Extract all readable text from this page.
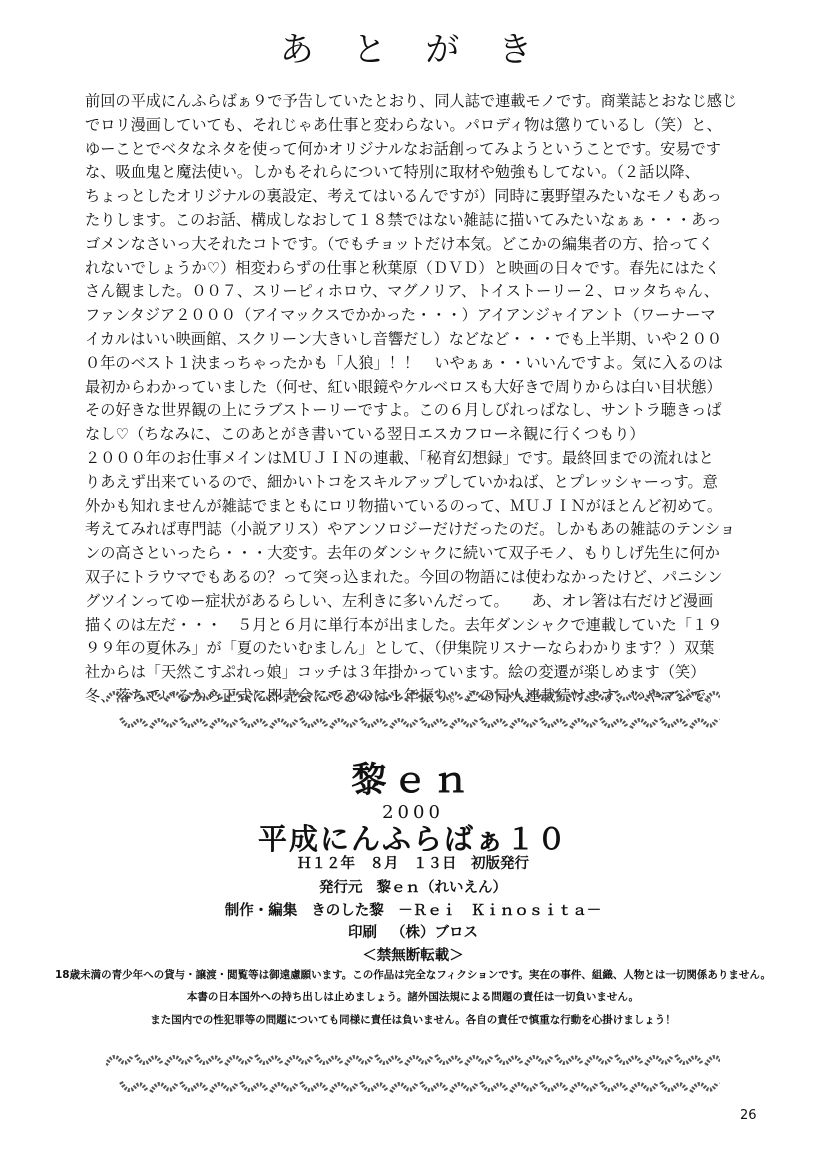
あ と が き
前回の平成にんふらばぁ９で予告していたとおり、同人誌で連載モノです。商業誌とおなじ感じ
でロリ漫画していても、それじゃあ仕事と変わらない。パロディ物は懲りているし（笑）と、
ゆーことでベタなネタを使って何かオリジナルなお話創ってみようということです。安易です
な、吸血鬼と魔法使い。しかもそれらについて特別に取材や勉強もしてない。（２話以降、
ちょっとしたオリジナルの裏設定、考えてはいるんですが）同時に裏野望みたいなモノもあっ
たりします。このお話、構成しなおして１８禁ではない雑誌に描いてみたいなぁぁ・・・あっ
ゴメンなさいっ大それたコトです。（でもチョットだけ本気。どこかの編集者の方、拾ってく
れないでしょうか♡）相変わらずの仕事と秋葉原（ＤＶＤ）と映画の日々です。春先にはたく
さん観ました。００７、スリーピィホロウ、マグノリア、トイストーリー２、ロッタちゃん、
ファンタジア２０００（アイマックスでかかった・・・）アイアンジャイアント（ワーナーマ
イカルはいい映画館、スクリーン大きいし音響だし）などなど・・・でも上半期、いや２００
０年のベスト１決まっちゃったかも「人狼」！！　いやぁぁ・・いいんですよ。気に入るのは
最初からわかっていました（何せ、紅い眼鏡やケルベロスも大好きで周りからは白い目状態）
その好きな世界観の上にラブストーリーですよ。この６月しびれっぱなし、サントラ聴きっぱ
なし♡（ちなみに、このあとがき書いている翌日エスカフローネ観に行くつもり）
２０００年のお仕事メインはＭＵＪＩＮの連載、「秘育幻想録」です。最終回までの流れはと
りあえず出来ているので、細かいトコをスキルアップしていかねば、とプレッシャーっす。意
外かも知れませんが雑誌でまともにロリ物描いているのって、ＭＵＪＩＮがほとんど初めて。
考えてみれば専門誌（小説アリス）やアンソロジーだけだったのだ。しかもあの雑誌のテンショ
ンの高さといったら・・・大変す。去年のダンシャクに続いて双子モノ、もりしげ先生に何か
双子にトラウマでもあるの？って突っ込まれた。今回の物語には使わなかったけど、パニシン
グツインってゆー症状があるらしい、左利きに多いんだって。　　あ、オレ箸は右だけど漫画
描くのは左だ・・・　５月と６月に単行本が出ました。去年ダンシャクで連載していた「１９
９９年の夏休み」が「夏のたいむましん」として、（伊集院リスナーならわかります？）双葉
社からは「天然こすぷれっ娘」コッチは３年掛かっています。絵の変遷が楽しめます（笑）
冬、落ちているから正式に即売会にでるのは１年振り。この同人連載続けます、いやマジで。
黎ｅｎ
2000
平成にんふらばぁ１０
Ｈ１２年　８月　１３日　初版発行
発行元 黎ｅｎ（れいえん）
制作・編集 きのした黎　－Ｒｅｉ　Ｋｉｎｏｓｉｔａ－
印刷 （株）ブロス
＜禁無断転載＞
18歳未満の青少年への貸与・譲渡・閲覧等は御遠慮願います。この作品は完全なフィクションです。実在の事件、組織、人物とは一切関係ありません。
本書の日本国外への持ち出しは止めましょう。諸外国法規による問題の責任は一切負いません。
また国内での性犯罪等の問題についても同様に責任は負いません。各自の責任で慎重な行動を心掛けましょう！
26
